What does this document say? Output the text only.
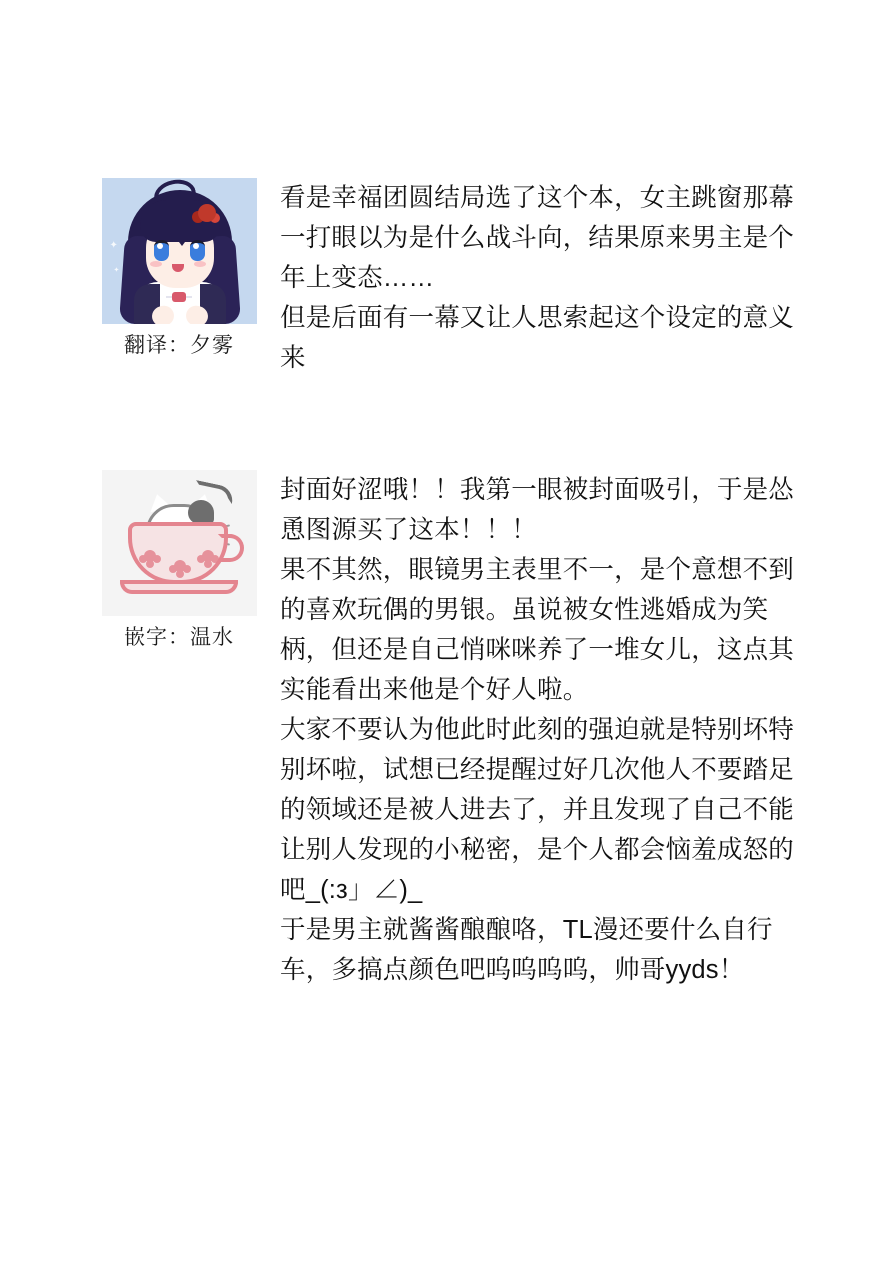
✦
✦
翻译：夕雾

看是幸福团圆结局选了这个本，女主跳窗那幕一打眼以为是什么战斗向，结果原来男主是个年上变态……

但是后面有一幕又让人思索起这个设定的意义来

嵌字：温水

封面好涩哦！！我第一眼被封面吸引，于是怂恿图源买了这本！！！

果不其然，眼镜男主表里不一，是个意想不到的喜欢玩偶的男银。虽说被女性逃婚成为笑柄，但还是自己悄咪咪养了一堆女儿，这点其实能看出来他是个好人啦。

大家不要认为他此时此刻的强迫就是特别坏特别坏啦，试想已经提醒过好几次他人不要踏足的领域还是被人进去了，并且发现了自己不能让别人发现的小秘密，是个人都会恼羞成怒的吧_(:з」∠)_

于是男主就酱酱酿酿咯，TL漫还要什么自行车，多搞点颜色吧呜呜呜呜，帅哥yyds！
